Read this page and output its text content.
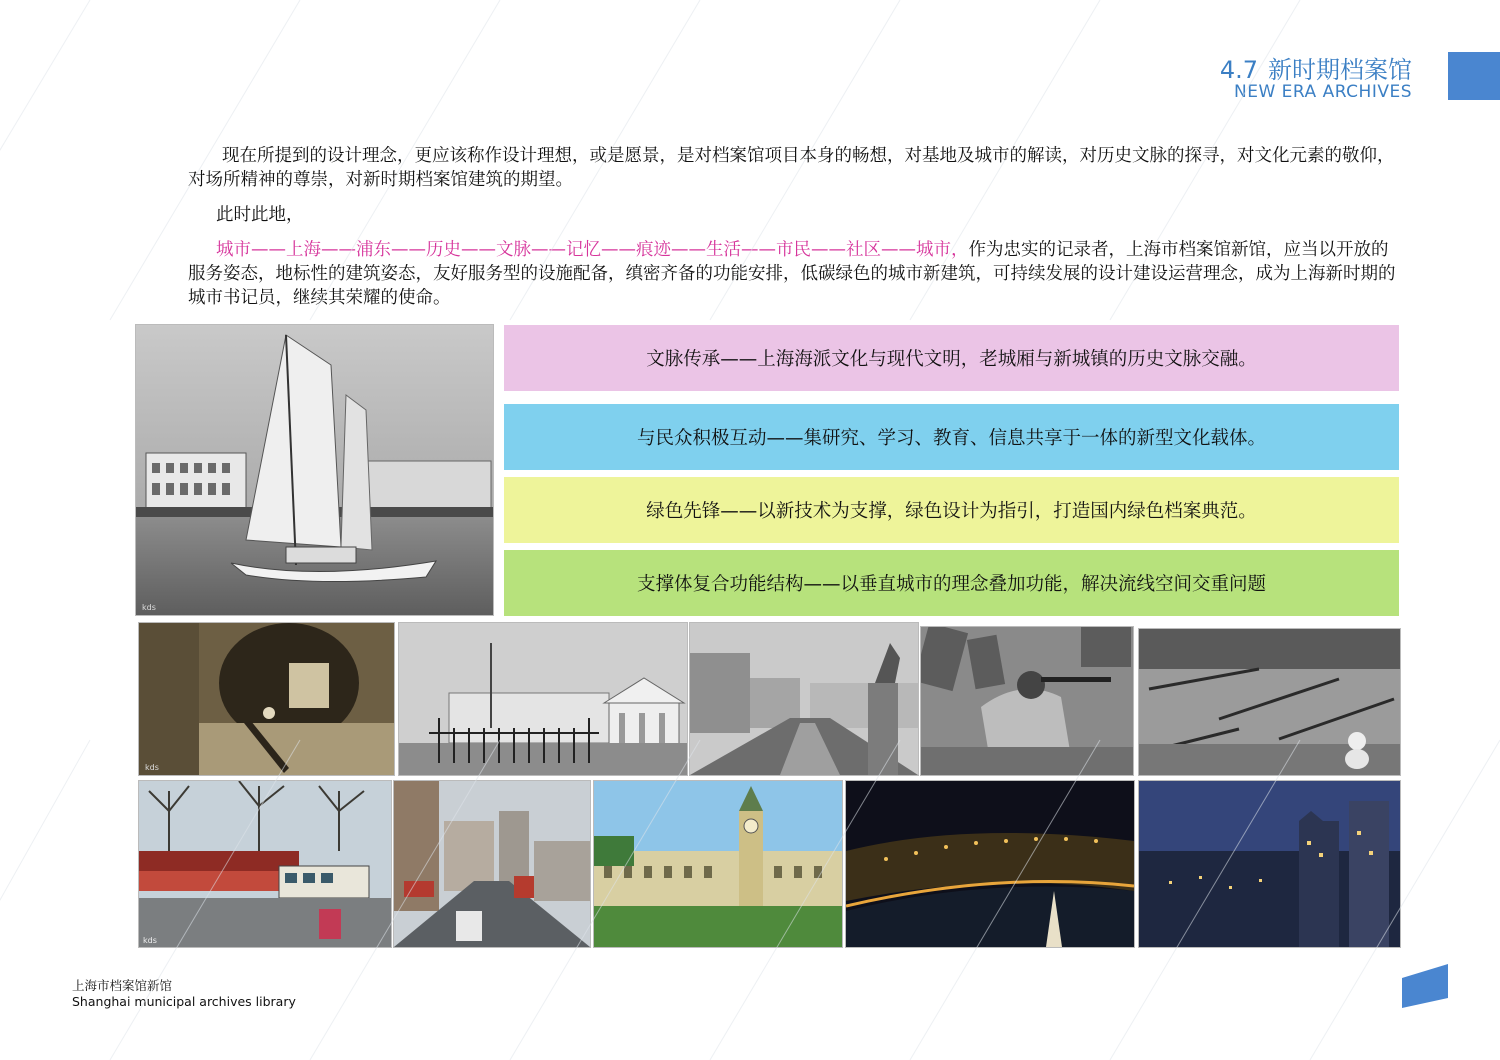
4.7 新时期档案馆
NEW ERA ARCHIVES
现在所提到的设计理念，更应该称作设计理想，或是愿景，是对档案馆项目本身的畅想，对基地及城市的解读，对历史文脉的探寻，对文化元素的敬仰，对场所精神的尊崇，对新时期档案馆建筑的期望。
此时此地，
城市——上海——浦东——历史——文脉——记忆——痕迹——生活——市民——社区——城市，作为忠实的记录者，上海市档案馆新馆，应当以开放的服务姿态，地标性的建筑姿态，友好服务型的设施配备，缜密齐备的功能安排，低碳绿色的城市新建筑，可持续发展的设计建设运营理念，成为上海新时期的城市书记员，继续其荣耀的使命。
kds
文脉传承——上海海派文化与现代文明，老城厢与新城镇的历史文脉交融。
与民众积极互动——集研究、学习、教育、信息共享于一体的新型文化载体。
绿色先锋——以新技术为支撑，绿色设计为指引，打造国内绿色档案典范。
支撑体复合功能结构——以垂直城市的理念叠加功能，解决流线空间交重问题
kds
kds
上海市档案馆新馆
Shanghai municipal archives library
